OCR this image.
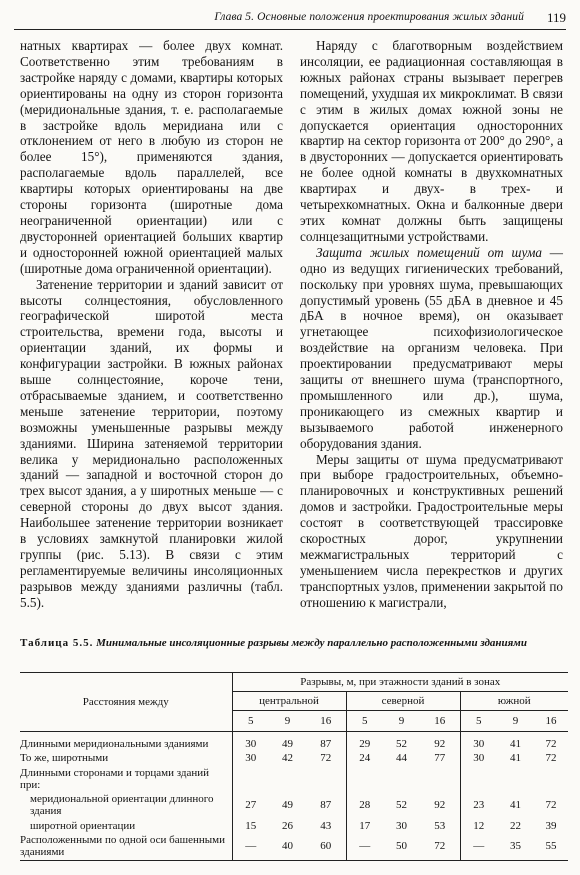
Глава 5. Основные положения проектирования жилых зданий 119

натных квартирах — более двух комнат. Соответственно этим требованиям в застройке наряду с домами, квартиры которых ориентированы на одну из сторон горизонта (меридиональные здания, т. е. располагаемые в застройке вдоль меридиана или с отклонением от него в любую из сторон не более 15°), применяются здания, располагаемые вдоль параллелей, все квартиры которых ориентированы на две стороны горизонта (широтные дома неограниченной ориентации) или с двусторонней ориентацией больших квартир и односторонней южной ориентацией малых (широтные дома ограниченной ориентации).

Затенение территории и зданий зависит от высоты солнцестояния, обусловленного географической широтой места строительства, времени года, высоты и ориентации зданий, их формы и конфигурации застройки. В южных районах выше солнцестояние, короче тени, отбрасываемые зданием, и соответственно меньше затенение территории, поэтому возможны уменьшенные разрывы между зданиями. Ширина затеняемой территории велика у меридионально расположенных зданий — западной и восточной сторон до трех высот здания, а у широтных меньше — с северной стороны до двух высот здания. Наибольшее затенение территории возникает в условиях замкнутой планировки жилой группы (рис. 5.13). В связи с этим регламентируемые величины инсоляционных разрывов между зданиями различны (табл. 5.5).

Наряду с благотворным воздействием инсоляции, ее радиационная составляющая в южных районах страны вызывает перегрев помещений, ухудшая их микроклимат. В связи с этим в жилых домах южной зоны не допускается ориентация односторонних квартир на сектор горизонта от 200° до 290°, а в двусторонних — допускается ориентировать не более одной комнаты в двухкомнатных квартирах и двух- в трех- и четырехкомнатных. Окна и балконные двери этих комнат должны быть защищены солнцезащитными устройствами.

Защита жилых помещений от шума — одно из ведущих гигиенических требований, поскольку при уровнях шума, превышающих допустимый уровень (55 дБА в дневное и 45 дБА в ночное время), он оказывает угнетающее психофизиологическое воздействие на организм человека. При проектировании предусматривают меры защиты от внешнего шума (транспортного, промышленного или др.), шума, проникающего из смежных квартир и вызываемого работой инженерного оборудования здания.

Меры защиты от шума предусматривают при выборе градостроительных, объемно-планировочных и конструктивных решений домов и застройки. Градостроительные меры состоят в соответствующей трассировке скоростных дорог, укрупнении межмагистральных территорий с уменьшением числа перекрестков и других транспортных узлов, применении закрытой по отношению к магистрали,

Таблица 5.5. Минимальные инсоляционные разрывы между параллельно расположенными зданиями
Расстояния между	Разрывы, м, при этажности зданий в зонах								
	центральной			северной			южной		
	5	9	16	5	9	16	5	9	16
Длинными меридиональными зданиями	30	49	87	29	52	92	30	41	72
То же, широтными	30	42	72	24	44	77	30	41	72
Длинными сторонами и торцами зданий при:									
меридиональной ориентации длинного здания	27	49	87	28	52	92	23	41	72
широтной ориентации	15	26	43	17	30	53	12	22	39
Расположенными по одной оси башенными зданиями	—	40	60	—	50	72	—	35	55
